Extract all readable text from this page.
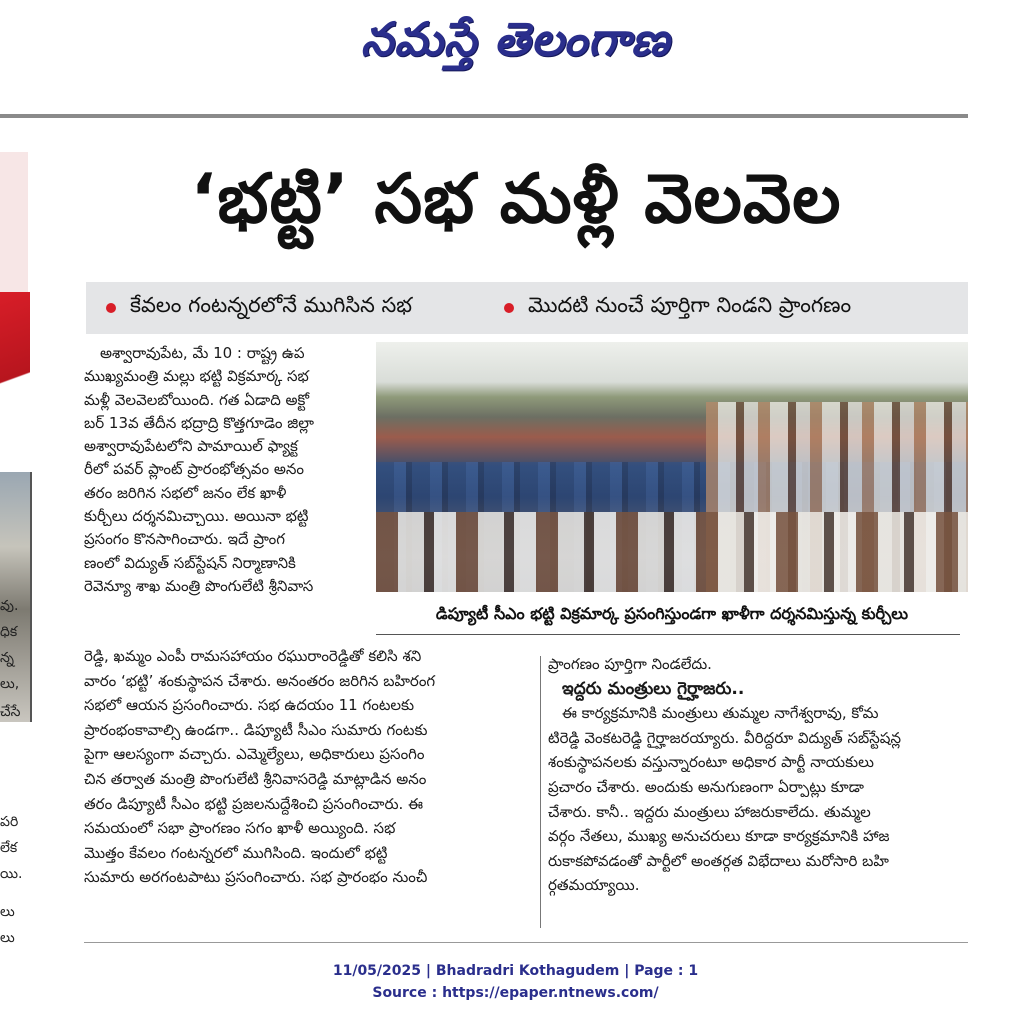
నమస్తే తెలంగాణ
వు.
ధిక
న్న
లు,
చేసే
పరి
లేక
యి.
లు
లు
‘భట్టి’ సభ మళ్లీ వెలవెల
కేవలం గంటన్నరలోనే ముగిసిన సభ	మొదటి నుంచే పూర్తిగా నిండని ప్రాంగణం
డిప్యూటీ సీఎం భట్టి విక్రమార్క ప్రసంగిస్తుండగా ఖాళీగా దర్శనమిస్తున్న కుర్చీలు
అశ్వారావుపేట, మే 10 : రాష్ట్ర ఉప
ముఖ్యమంత్రి మల్లు భట్టి విక్రమార్క సభ
మళ్లీ వెలవెలబోయింది. గత ఏడాది అక్టో
బర్ 13వ తేదీన భద్రాద్రి కొత్తగూడెం జిల్లా
అశ్వారావుపేటలోని పామాయిల్ ఫ్యాక్ట
రీలో పవర్ ప్లాంట్ ప్రారంభోత్సవం అనం
తరం జరిగిన సభలో జనం లేక ఖాళీ
కుర్చీలు దర్శనమిచ్చాయి. అయినా భట్టి
ప్రసంగం కొనసాగించారు. ఇదే ప్రాంగ
ణంలో విద్యుత్ సబ్‌స్టేషన్ నిర్మాణానికి
రెవెన్యూ శాఖ మంత్రి పొంగులేటి శ్రీనివాస
రెడ్డి, ఖమ్మం ఎంపీ రామసహాయం రఘురాంరెడ్డితో కలిసి శని
వారం ‘భట్టి’ శంకుస్థాపన చేశారు. అనంతరం జరిగిన బహిరంగ
సభలో ఆయన ప్రసంగించారు. సభ ఉదయం 11 గంటలకు
ప్రారంభంకావాల్సి ఉండగా.. డిప్యూటీ సీఎం సుమారు గంటకు
పైగా ఆలస్యంగా వచ్చారు. ఎమ్మెల్యేలు, అధికారులు ప్రసంగిం
చిన తర్వాత మంత్రి పొంగులేటి శ్రీనివాసరెడ్డి మాట్లాడిన అనం
తరం డిప్యూటీ సీఎం భట్టి ప్రజలనుద్దేశించి ప్రసంగించారు. ఈ
సమయంలో సభా ప్రాంగణం సగం ఖాళీ అయ్యింది. సభ
మొత్తం కేవలం గంటన్నరలో ముగిసింది. ఇందులో భట్టి
సుమారు అరగంటపాటు ప్రసంగించారు. సభ ప్రారంభం నుంచీ
ప్రాంగణం పూర్తిగా నిండలేదు.
ఇద్దరు మంత్రులు గైర్హాజరు..
ఈ కార్యక్రమానికి మంత్రులు తుమ్మల నాగేశ్వరావు, కోమ
టిరెడ్డి వెంకటరెడ్డి గైర్హాజరయ్యారు. వీరిద్దరూ విద్యుత్ సబ్‌స్టేషన్ల
శంకుస్థాపనలకు వస్తున్నారంటూ అధికార పార్టీ నాయకులు
ప్రచారం చేశారు. అందుకు అనుగుణంగా ఏర్పాట్లు కూడా
చేశారు. కానీ.. ఇద్దరు మంత్రులు హాజరుకాలేదు. తుమ్మల
వర్గం నేతలు, ముఖ్య అనుచరులు కూడా కార్యక్రమానికి హాజ
రుకాకపోవడంతో పార్టీలో అంతర్గత విభేదాలు మరోసారి బహి
ర్గతమయ్యాయి.
11/05/2025 | Bhadradri Kothagudem | Page : 1
Source : https://epaper.ntnews.com/
